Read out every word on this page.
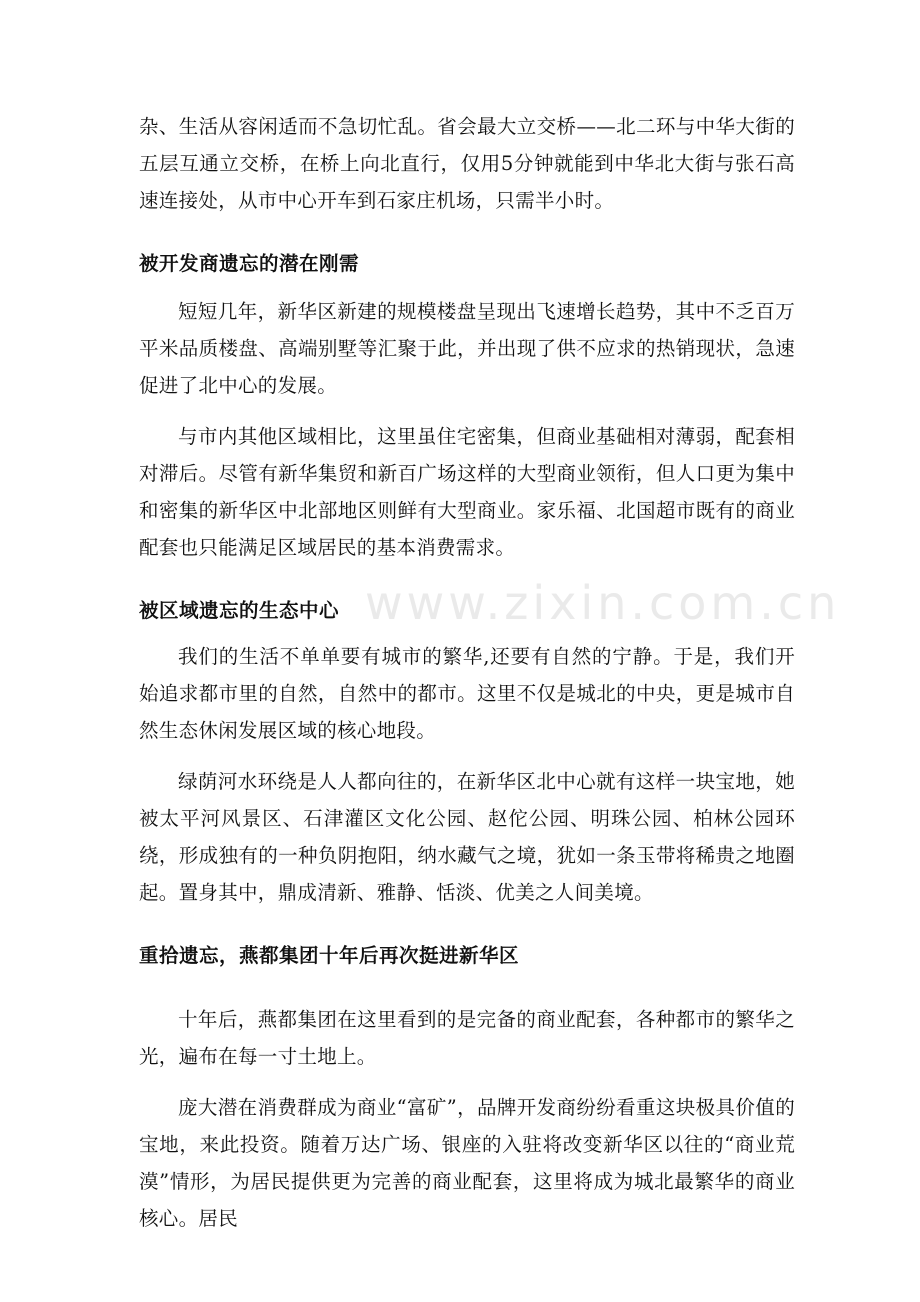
www.zixin.com.cn

杂、生活从容闲适而不急切忙乱。省会最大立交桥——北二环与中华大街的五层互通立交桥，在桥上向北直行，仅用5分钟就能到中华北大街与张石高速连接处，从市中心开车到石家庄机场，只需半小时。

被开发商遗忘的潜在刚需

短短几年，新华区新建的规模楼盘呈现出飞速增长趋势，其中不乏百万平米品质楼盘、高端别墅等汇聚于此，并出现了供不应求的热销现状，急速促进了北中心的发展。

与市内其他区域相比，这里虽住宅密集，但商业基础相对薄弱，配套相对滞后。尽管有新华集贸和新百广场这样的大型商业领衔，但人口更为集中和密集的新华区中北部地区则鲜有大型商业。家乐福、北国超市既有的商业配套也只能满足区域居民的基本消费需求。

被区域遗忘的生态中心

我们的生活不单单要有城市的繁华,还要有自然的宁静。于是，我们开始追求都市里的自然，自然中的都市。这里不仅是城北的中央，更是城市自然生态休闲发展区域的核心地段。

绿荫河水环绕是人人都向往的，在新华区北中心就有这样一块宝地，她被太平河风景区、石津灌区文化公园、赵佗公园、明珠公园、柏林公园环绕，形成独有的一种负阴抱阳，纳水藏气之境，犹如一条玉带将稀贵之地圈起。置身其中，鼎成清新、雅静、恬淡、优美之人间美境。

重拾遗忘，燕都集团十年后再次挺进新华区

十年后，燕都集团在这里看到的是完备的商业配套，各种都市的繁华之光，遍布在每一寸土地上。

庞大潜在消费群成为商业“富矿”，品牌开发商纷纷看重这块极具价值的宝地，来此投资。随着万达广场、银座的入驻将改变新华区以往的“商业荒漠”情形，为居民提供更为完善的商业配套，这里将成为城北最繁华的商业核心。居民
